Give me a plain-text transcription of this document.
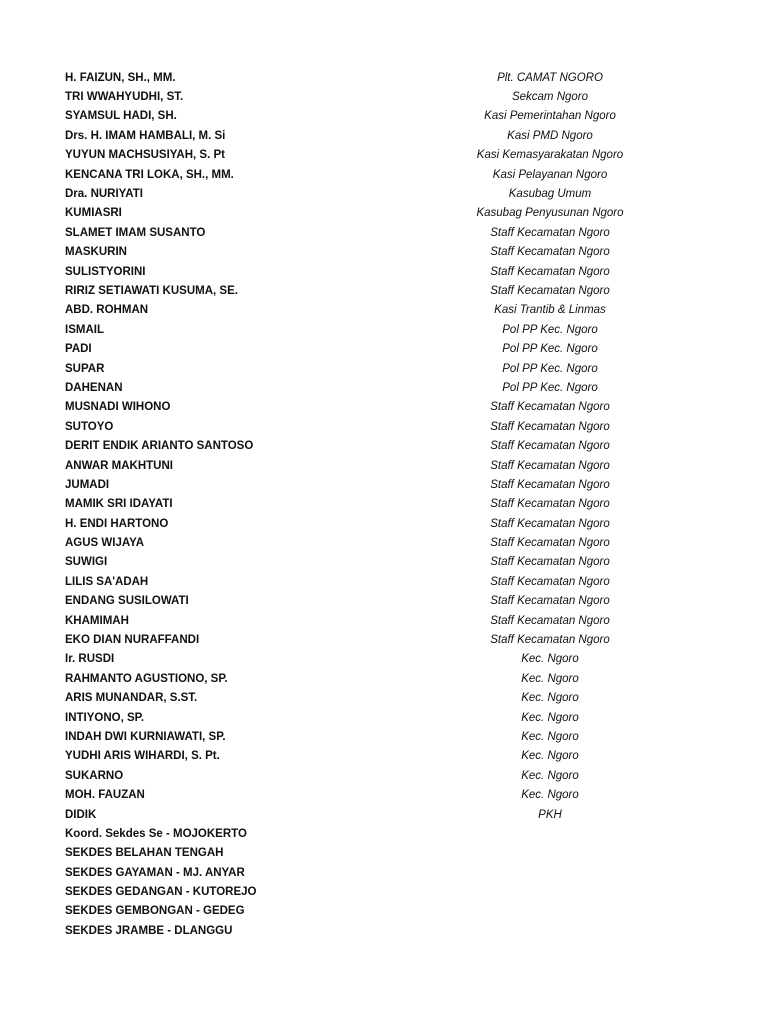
H. FAIZUN, SH., MM.	Plt. CAMAT NGORO
TRI WWAHYUDHI, ST.	Sekcam Ngoro
SYAMSUL HADI, SH.	Kasi Pemerintahan Ngoro
Drs. H. IMAM HAMBALI, M. Si	Kasi PMD Ngoro
YUYUN MACHSUSIYAH, S. Pt	Kasi Kemasyarakatan Ngoro
KENCANA TRI LOKA, SH., MM.	Kasi Pelayanan Ngoro
Dra. NURIYATI	Kasubag Umum
KUMIASRI	Kasubag Penyusunan Ngoro
SLAMET IMAM SUSANTO	Staff Kecamatan Ngoro
MASKURIN	Staff Kecamatan Ngoro
SULISTYORINI	Staff Kecamatan Ngoro
RIRIZ SETIAWATI KUSUMA, SE.	Staff Kecamatan Ngoro
ABD. ROHMAN	Kasi Trantib & Linmas
ISMAIL	Pol PP Kec. Ngoro
PADI	Pol PP Kec. Ngoro
SUPAR	Pol PP Kec. Ngoro
DAHENAN	Pol PP Kec. Ngoro
MUSNADI WIHONO	Staff Kecamatan Ngoro
SUTOYO	Staff Kecamatan Ngoro
DERIT ENDIK ARIANTO SANTOSO	Staff Kecamatan Ngoro
ANWAR MAKHTUNI	Staff Kecamatan Ngoro
JUMADI	Staff Kecamatan Ngoro
MAMIK SRI IDAYATI	Staff Kecamatan Ngoro
H. ENDI HARTONO	Staff Kecamatan Ngoro
AGUS WIJAYA	Staff Kecamatan Ngoro
SUWIGI	Staff Kecamatan Ngoro
LILIS SA'ADAH	Staff Kecamatan Ngoro
ENDANG SUSILOWATI	Staff Kecamatan Ngoro
KHAMIMAH	Staff Kecamatan Ngoro
EKO DIAN NURAFFANDI	Staff Kecamatan Ngoro
Ir. RUSDI	Kec. Ngoro
RAHMANTO AGUSTIONO, SP.	Kec. Ngoro
ARIS MUNANDAR, S.ST.	Kec. Ngoro
INTIYONO, SP.	Kec. Ngoro
INDAH DWI KURNIAWATI, SP.	Kec. Ngoro
YUDHI ARIS WIHARDI, S. Pt.	Kec. Ngoro
SUKARNO	Kec. Ngoro
MOH. FAUZAN	Kec. Ngoro
DIDIK	PKH
Koord. Sekdes Se - MOJOKERTO
SEKDES BELAHAN TENGAH
SEKDES GAYAMAN - MJ. ANYAR
SEKDES GEDANGAN - KUTOREJO
SEKDES GEMBONGAN - GEDEG
SEKDES JRAMBE - DLANGGU
